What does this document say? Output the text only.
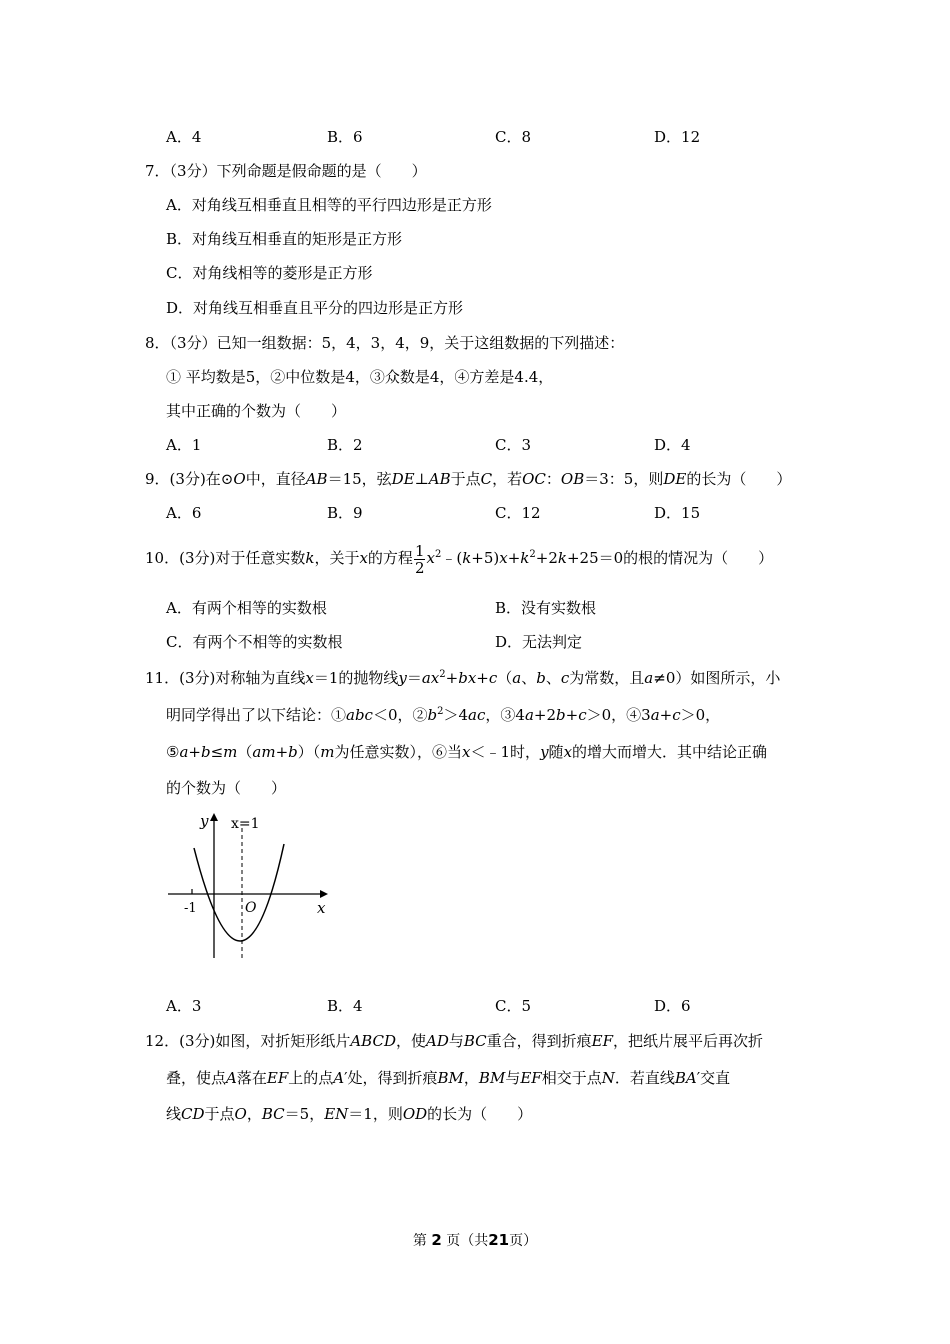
A．4	B．6	C．8	D．12
7．（3分）下列命题是假命题的是（　　）
A．对角线互相垂直且相等的平行四边形是正方形
B．对角线互相垂直的矩形是正方形
C．对角线相等的菱形是正方形
D．对角线互相垂直且平分的四边形是正方形
8．（3分）已知一组数据：5，4，3，4，9，关于这组数据的下列描述：
① 平均数是5，②中位数是4，③众数是4，④方差是4.4，
其中正确的个数为（　　）
A．1	B．2	C．3	D．4
9．(3分)在⊙O中，直径AB＝15，弦DE⊥AB于点C，若OC：OB＝3：5，则DE的长为（　　）
A．6	B．9	C．12	D．15
10．(3分)对于任意实数k，关于x的方程 $\frac{1}{2}$ $x^2﹣(k+5)x+k^2+2k+25=0$的根的情况为（　　）
A．有两个相等的实数根	B．没有实数根
C．有两个不相等的实数根	D．无法判定
11．(3分)对称轴为直线x＝1的抛物线$y=ax^2+bx+c(a$、b、c为常数，且a≠0）如图所示，小
明同学得出了以下结论：①abc＜0，$②b^2>4ac$，③4a+2b+c＞0，④3a+c＞0，
⑤a+b≤m（am+b）（m为任意实数），⑥当x＜﹣1时，y随x的增大而增大．其中结论正确
的个数为（　　）
y x=1
-1	O	x
A．3	B．4	C．5	D．6
12．(3分)如图，对折矩形纸片ABCD，使AD与BC重合，得到折痕EF，把纸片展平后再次折
叠，使点A落在EF上的点A′处，得到折痕BM，BM与EF相交于点N．若直线BA′交直
线CD于点O，BC＝5，EN＝1，则OD的长为（　　）
第 2 页（共21页）
